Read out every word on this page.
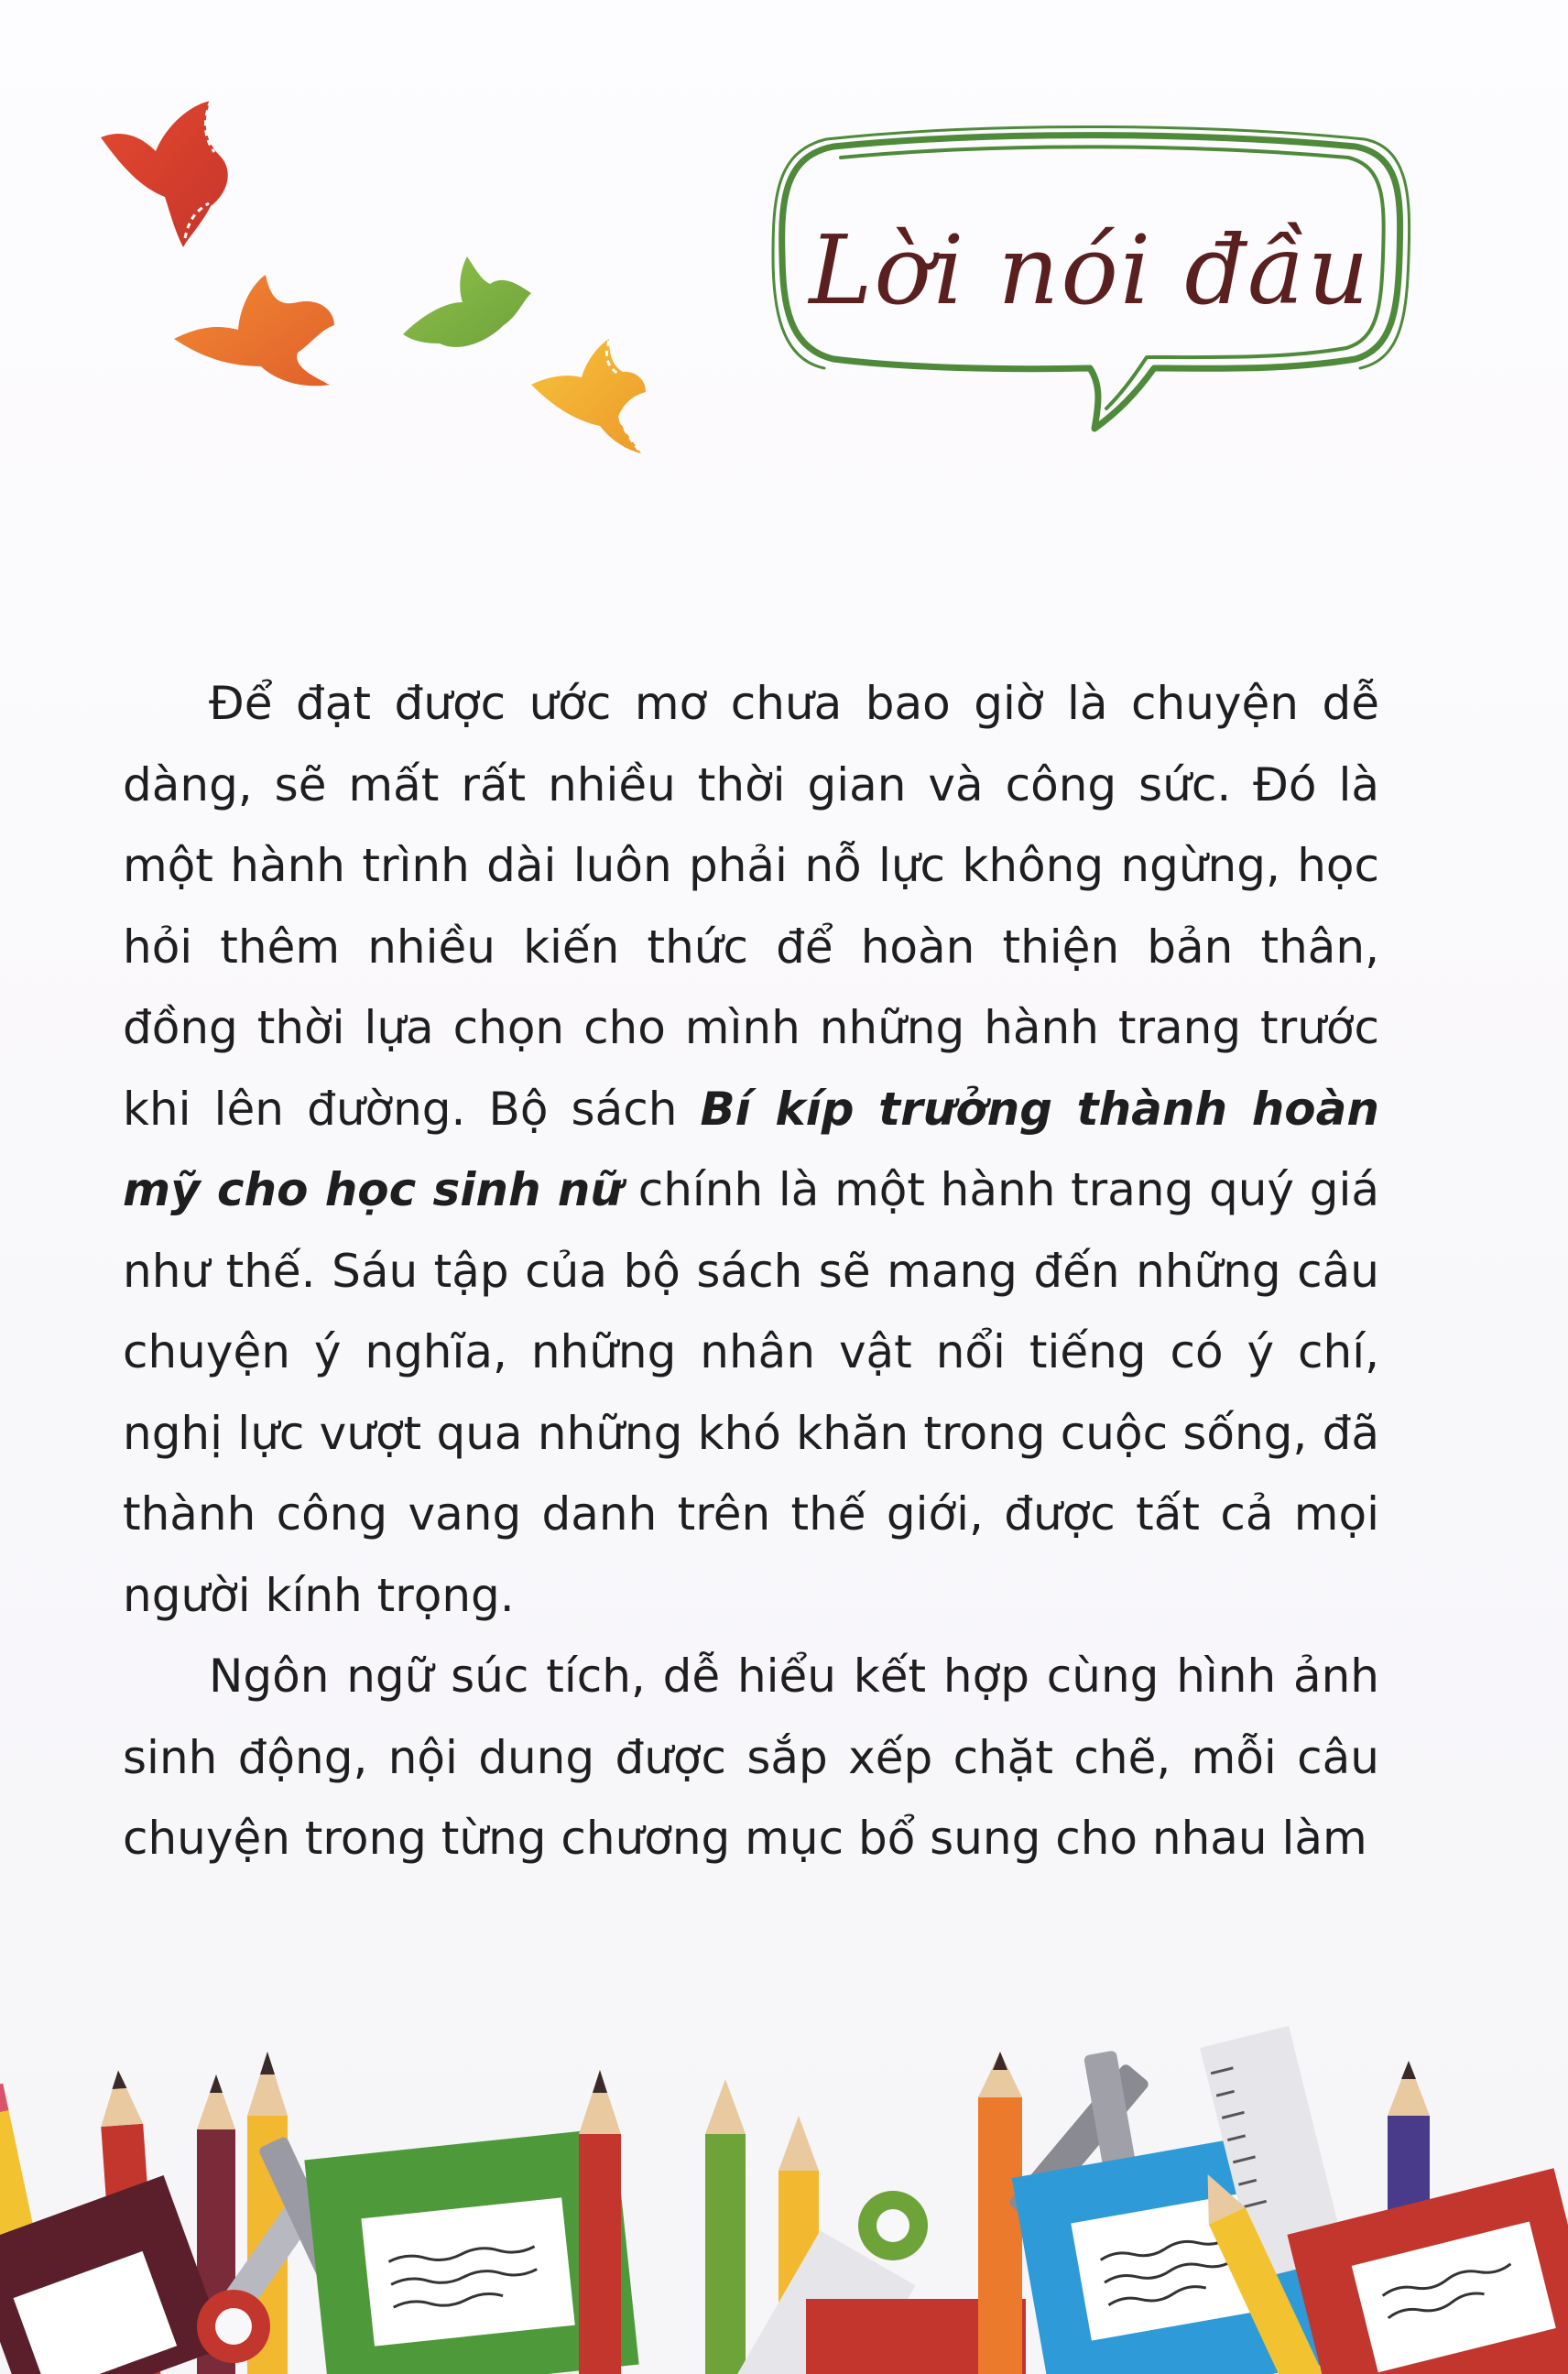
Lời nói đầu

Để đạt được ước mơ chưa bao giờ là chuyện dễ dàng, sẽ mất rất nhiều thời gian và công sức. Đó là một hành trình dài luôn phải nỗ lực không ngừng, học hỏi thêm nhiều kiến thức để hoàn thiện bản thân, đồng thời lựa chọn cho mình những hành trang trước khi lên đường. Bộ sách Bí kíp trưởng thành hoàn mỹ cho học sinh nữ chính là một hành trang quý giá như thế. Sáu tập của bộ sách sẽ mang đến những câu chuyện ý nghĩa, những nhân vật nổi tiếng có ý chí, nghị lực vượt qua những khó khăn trong cuộc sống, đã thành công vang danh trên thế giới, được tất cả mọi người kính trọng.

Ngôn ngữ súc tích, dễ hiểu kết hợp cùng hình ảnh sinh động, nội dung được sắp xếp chặt chẽ, mỗi câu chuyện trong từng chương mục bổ sung cho nhau làm
